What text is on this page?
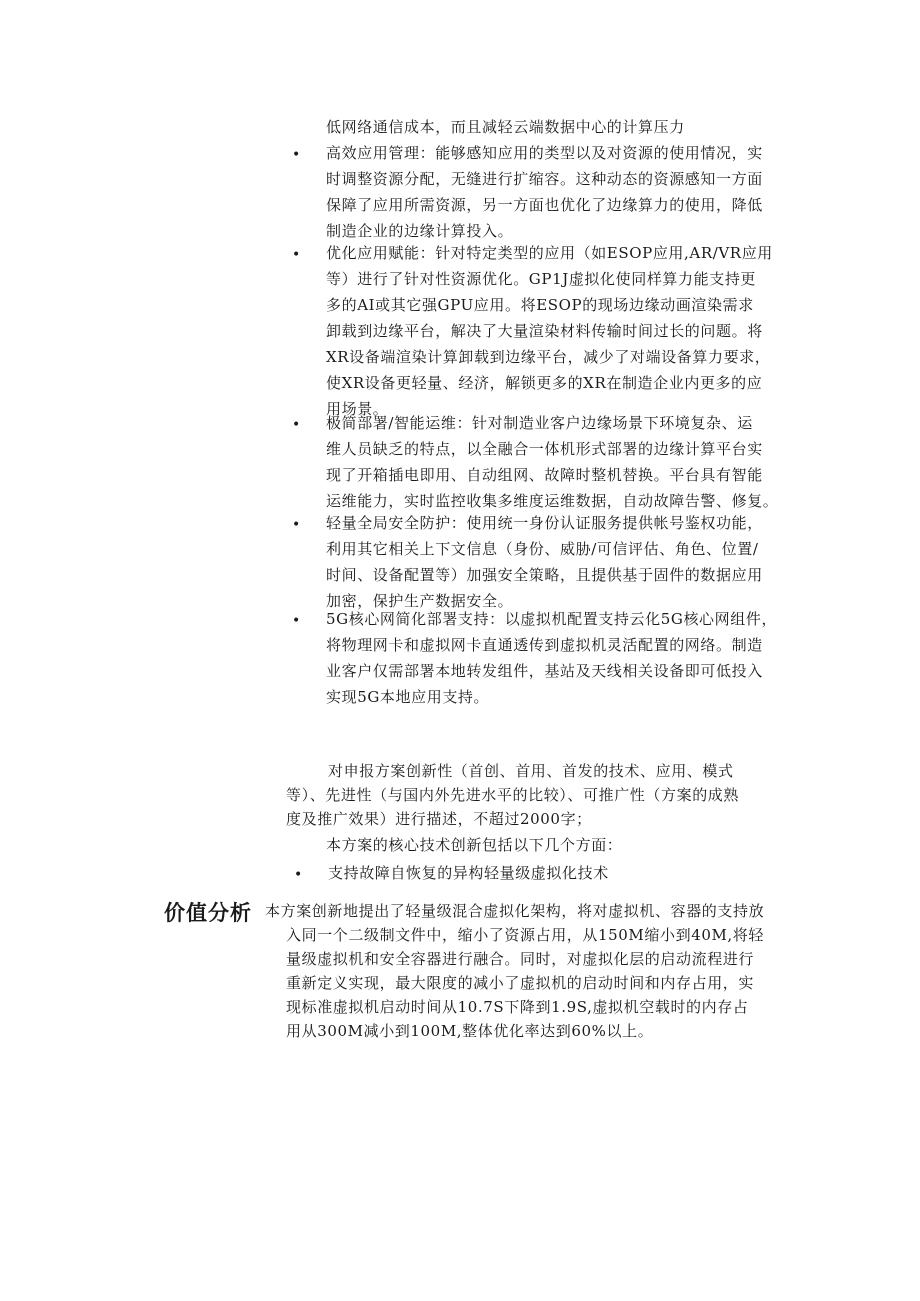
低网络通信成本，而且减轻云端数据中心的计算压力
• 高效应用管理：能够感知应用的类型以及对资源的使用情况，实
时调整资源分配，无缝进行扩缩容。这种动态的资源感知一方面
保障了应用所需资源，另一方面也优化了边缘算力的使用，降低
制造企业的边缘计算投入。
• 优化应用赋能：针对特定类型的应用（如ESOP应用,AR/VR应用
等）进行了针对性资源优化。GP1J虚拟化使同样算力能支持更
多的AI或其它强GPU应用。将ESOP的现场边缘动画渲染需求
卸载到边缘平台，解决了大量渲染材料传输时间过长的问题。将
XR设备端渲染计算卸载到边缘平台，减少了对端设备算力要求，
使XR设备更轻量、经济，解锁更多的XR在制造企业内更多的应
用场景。
• 极简部署/智能运维：针对制造业客户边缘场景下环境复杂、运
维人员缺乏的特点，以全融合一体机形式部署的边缘计算平台实
现了开箱插电即用、自动组网、故障时整机替换。平台具有智能
运维能力，实时监控收集多维度运维数据，自动故障告警、修复。
• 轻量全局安全防护：使用统一身份认证服务提供帐号鉴权功能，
利用其它相关上下文信息（身份、威胁/可信评估、角色、位置/
时间、设备配置等）加强安全策略，且提供基于固件的数据应用
加密，保护生产数据安全。
• 5G核心网简化部署支持：以虚拟机配置支持云化5G核心网组件，
将物理网卡和虚拟网卡直通透传到虚拟机灵活配置的网络。制造
业客户仅需部署本地转发组件，基站及天线相关设备即可低投入
实现5G本地应用支持。
对申报方案创新性（首创、首用、首发的技术、应用、模式
等）、先进性（与国内外先进水平的比较）、可推广性（方案的成熟
度及推广效果）进行描述，不超过2000字；
本方案的核心技术创新包括以下几个方面：
• 支持故障自恢复的异构轻量级虚拟化技术
价值分析 本方案创新地提出了轻量级混合虚拟化架构，将对虚拟机、容器的支持放
入同一个二级制文件中，缩小了资源占用，从150M缩小到40M,将轻
量级虚拟机和安全容器进行融合。同时，对虚拟化层的启动流程进行
重新定义实现，最大限度的减小了虚拟机的启动时间和内存占用，实
现标准虚拟机启动时间从10.7S下降到1.9S,虚拟机空载时的内存占
用从300M减小到100M,整体优化率达到60%以上。
